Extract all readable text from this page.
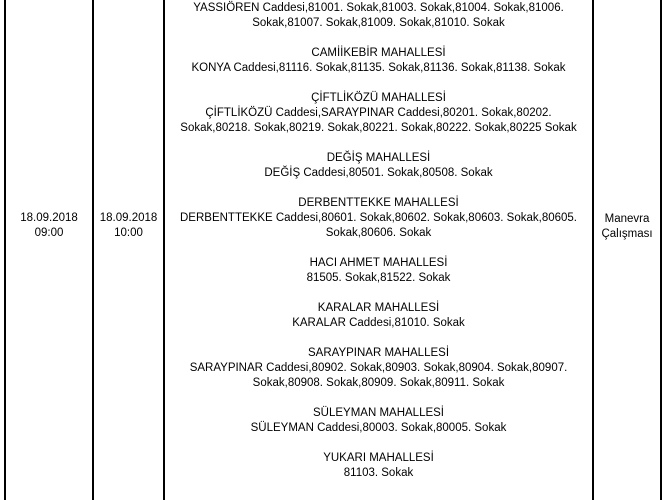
18.09.2018
09:00
18.09.2018
10:00
YASSIÖREN Caddesi,81001. Sokak,81003. Sokak,81004. Sokak,81006. Sokak,81007. Sokak,81009. Sokak,81010. Sokak
CAMİİKEBİR MAHALLESİ
KONYA Caddesi,81116. Sokak,81135. Sokak,81136. Sokak,81138. Sokak
ÇİFTLİKÖZÜ MAHALLESİ
ÇİFTLİKÖZÜ Caddesi,SARAYPINAR Caddesi,80201. Sokak,80202. Sokak,80218. Sokak,80219. Sokak,80221. Sokak,80222. Sokak,80225 Sokak
DEĞİŞ MAHALLESİ
DEĞİŞ Caddesi,80501. Sokak,80508. Sokak
DERBENTTEKKE MAHALLESİ
DERBENTTEKKE Caddesi,80601. Sokak,80602. Sokak,80603. Sokak,80605. Sokak,80606. Sokak
HACI AHMET MAHALLESİ
81505. Sokak,81522. Sokak
KARALAR MAHALLESİ
KARALAR Caddesi,81010. Sokak
SARAYPINAR MAHALLESİ
SARAYPINAR Caddesi,80902. Sokak,80903. Sokak,80904. Sokak,80907. Sokak,80908. Sokak,80909. Sokak,80911. Sokak
SÜLEYMAN MAHALLESİ
SÜLEYMAN Caddesi,80003. Sokak,80005. Sokak
YUKARI MAHALLESİ
81103. Sokak
Manevra Çalışması
